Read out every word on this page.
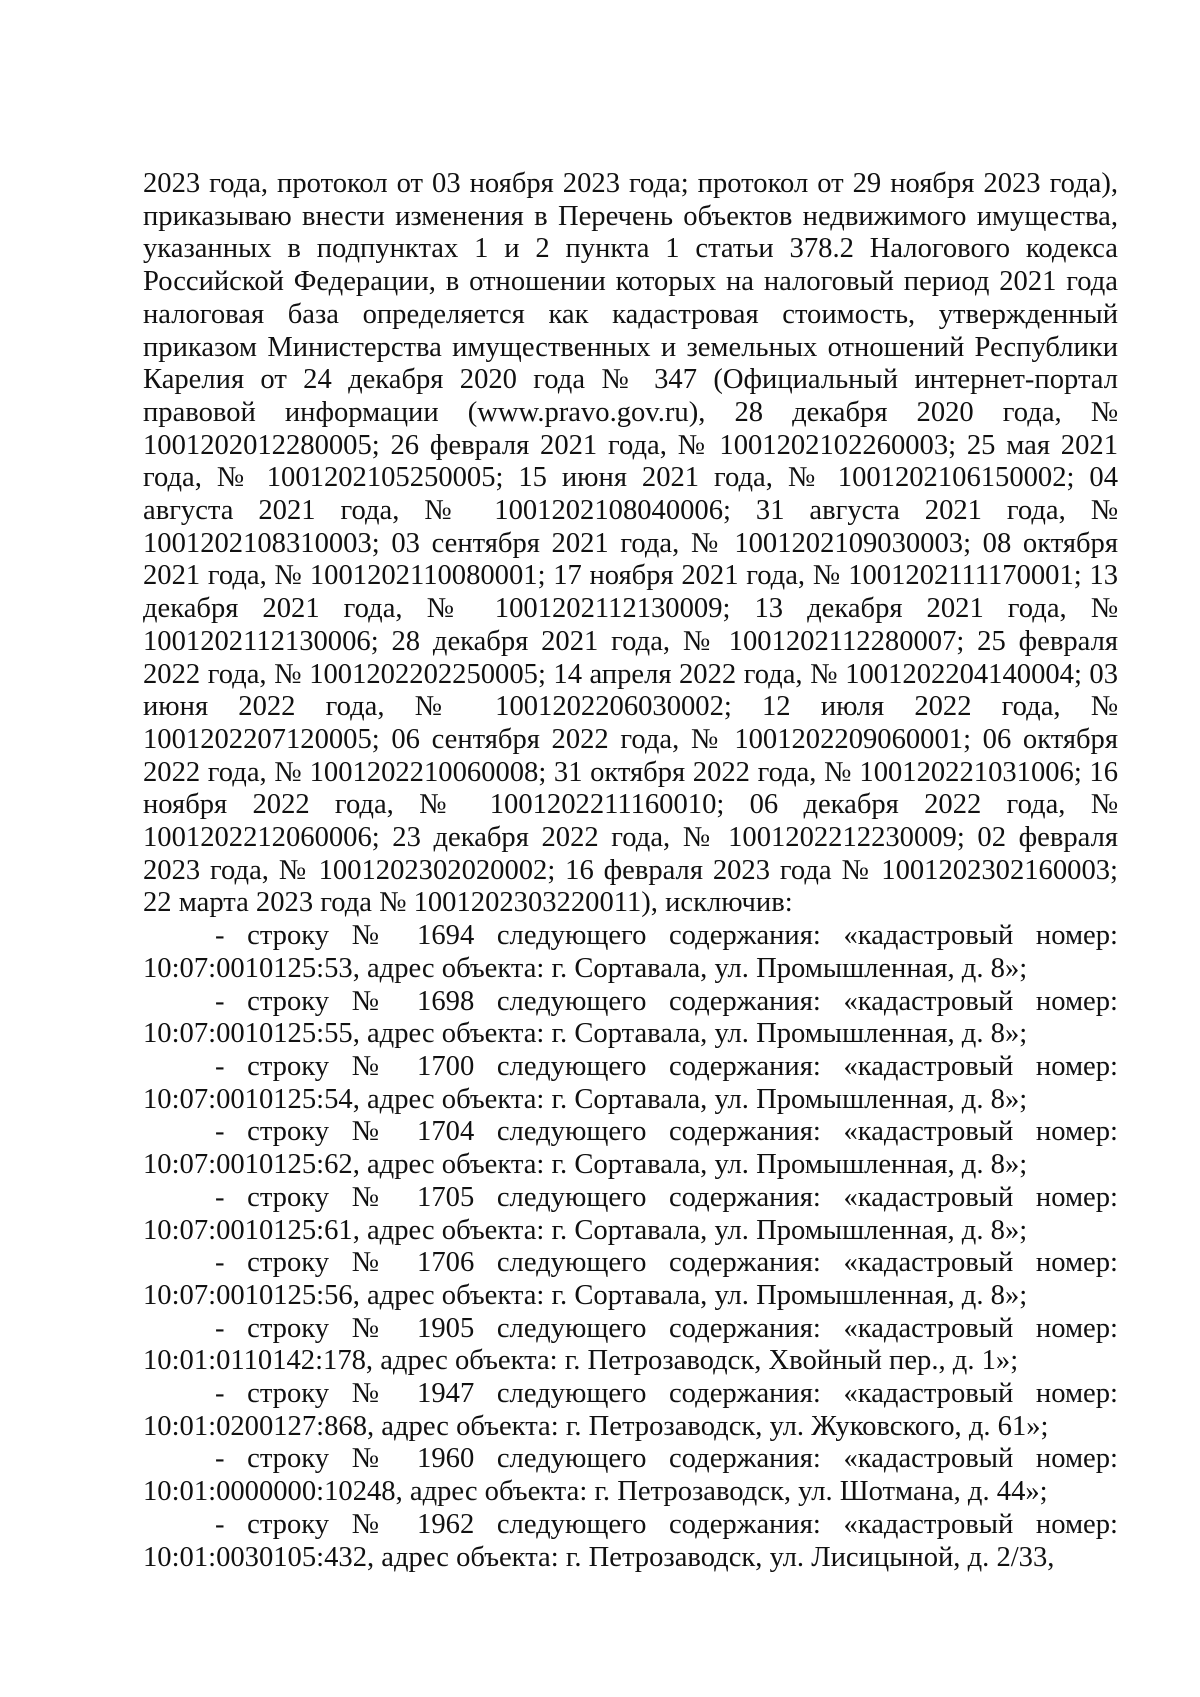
2023 года, протокол от 03 ноября 2023 года; протокол от 29 ноября 2023 года), приказываю внести изменения в Перечень объектов недвижимого имущества, указанных в подпунктах 1 и 2 пункта 1 статьи 378.2 Налогового кодекса Российской Федерации, в отношении которых на налоговый период 2021 года налоговая база определяется как кадастровая стоимость, утвержденный приказом Министерства имущественных и земельных отношений Республики Карелия от 24 декабря 2020 года № 347 (Официальный интернет-портал правовой информации (www.pravo.gov.ru), 28 декабря 2020 года, № 1001202012280005; 26 февраля 2021 года, № 1001202102260003; 25 мая 2021 года, № 1001202105250005; 15 июня 2021 года, № 1001202106150002; 04 августа 2021 года, № 1001202108040006; 31 августа 2021 года, № 1001202108310003; 03 сентября 2021 года, № 1001202109030003; 08 октября 2021 года, № 1001202110080001; 17 ноября 2021 года, № 1001202111170001; 13 декабря 2021 года, № 1001202112130009; 13 декабря 2021 года, № 1001202112130006; 28 декабря 2021 года, № 1001202112280007; 25 февраля 2022 года, № 1001202202250005; 14 апреля 2022 года, № 1001202204140004; 03 июня 2022 года, № 1001202206030002; 12 июля 2022 года, № 1001202207120005; 06 сентября 2022 года, № 1001202209060001; 06 октября 2022 года, № 1001202210060008; 31 октября 2022 года, № 100120221031006; 16 ноября 2022 года, № 1001202211160010; 06 декабря 2022 года, № 1001202212060006; 23 декабря 2022 года, № 1001202212230009; 02 февраля 2023 года, № 1001202302020002; 16 февраля 2023 года № 1001202302160003; 22 марта 2023 года № 1001202303220011), исключив:

- строку № 1694 следующего содержания: «кадастровый номер: 10:07:0010125:53, адрес объекта: г. Сортавала, ул. Промышленная, д. 8»;

- строку № 1698 следующего содержания: «кадастровый номер: 10:07:0010125:55, адрес объекта: г. Сортавала, ул. Промышленная, д. 8»;

- строку № 1700 следующего содержания: «кадастровый номер: 10:07:0010125:54, адрес объекта: г. Сортавала, ул. Промышленная, д. 8»;

- строку № 1704 следующего содержания: «кадастровый номер: 10:07:0010125:62, адрес объекта: г. Сортавала, ул. Промышленная, д. 8»;

- строку № 1705 следующего содержания: «кадастровый номер: 10:07:0010125:61, адрес объекта: г. Сортавала, ул. Промышленная, д. 8»;

- строку № 1706 следующего содержания: «кадастровый номер: 10:07:0010125:56, адрес объекта: г. Сортавала, ул. Промышленная, д. 8»;

- строку № 1905 следующего содержания: «кадастровый номер: 10:01:0110142:178, адрес объекта: г. Петрозаводск, Хвойный пер., д. 1»;

- строку № 1947 следующего содержания: «кадастровый номер: 10:01:0200127:868, адрес объекта: г. Петрозаводск, ул. Жуковского, д. 61»;

- строку № 1960 следующего содержания: «кадастровый номер: 10:01:0000000:10248, адрес объекта: г. Петрозаводск, ул. Шотмана, д. 44»;

- строку № 1962 следующего содержания: «кадастровый номер: 10:01:0030105:432, адрес объекта: г. Петрозаводск, ул. Лисицыной, д. 2/33,
